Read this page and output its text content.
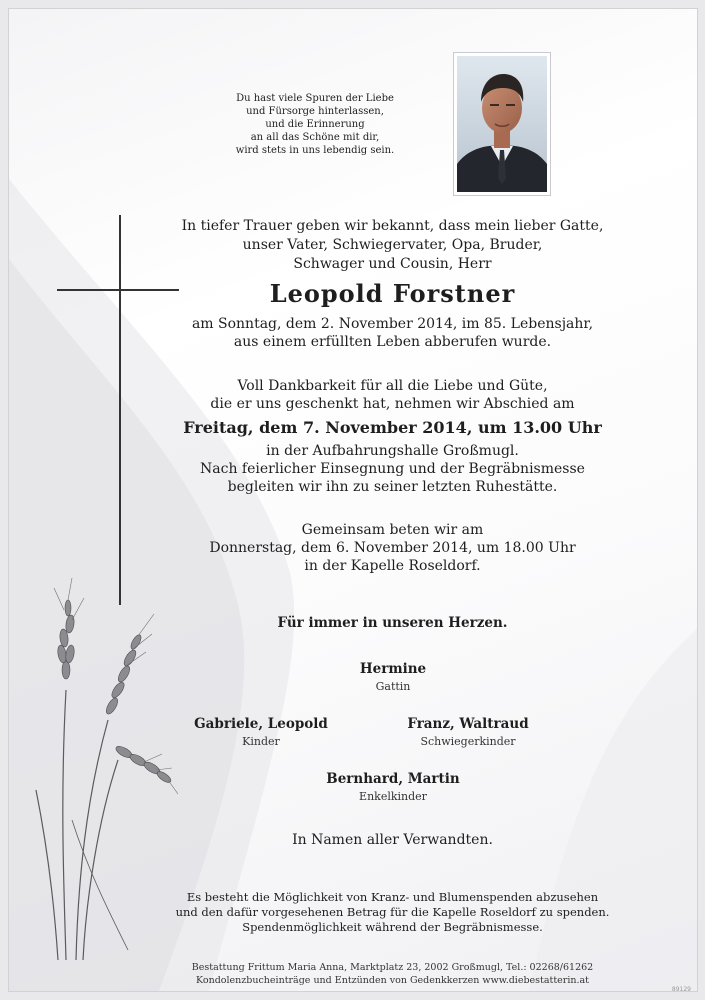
Du hast viele Spuren der Liebe
und Fürsorge hinterlassen,
und die Erinnerung
an all das Schöne mit dir,
wird stets in uns lebendig sein.
In tiefer Trauer geben wir bekannt, dass mein lieber Gatte,
unser Vater, Schwiegervater, Opa, Bruder,
Schwager und Cousin, Herr
Leopold Forstner
am Sonntag, dem 2. November 2014, im 85. Lebensjahr,
aus einem erfüllten Leben abberufen wurde.
Voll Dankbarkeit für all die Liebe und Güte,
die er uns geschenkt hat, nehmen wir Abschied am
Freitag, dem 7. November 2014, um 13.00 Uhr
in der Aufbahrungshalle Großmugl.
Nach feierlicher Einsegnung und der Begräbnismesse
begleiten wir ihn zu seiner letzten Ruhestätte.
Gemeinsam beten wir am
Donnerstag, dem 6. November 2014, um 18.00 Uhr
in der Kapelle Roseldorf.
Für immer in unseren Herzen.
Hermine
Gattin
Gabriele, Leopold
Kinder
Franz, Waltraud
Schwiegerkinder
Bernhard, Martin
Enkelkinder
In Namen aller Verwandten.
Es besteht die Möglichkeit von Kranz- und Blumenspenden abzusehen
und den dafür vorgesehenen Betrag für die Kapelle Roseldorf zu spenden.
Spendenmöglichkeit während der Begräbnismesse.
Bestattung Frittum Maria Anna, Marktplatz 23, 2002 Großmugl, Tel.: 02268/61262
Kondolenzbucheinträge und Entzünden von Gedenkkerzen www.diebestatterin.at
89129
